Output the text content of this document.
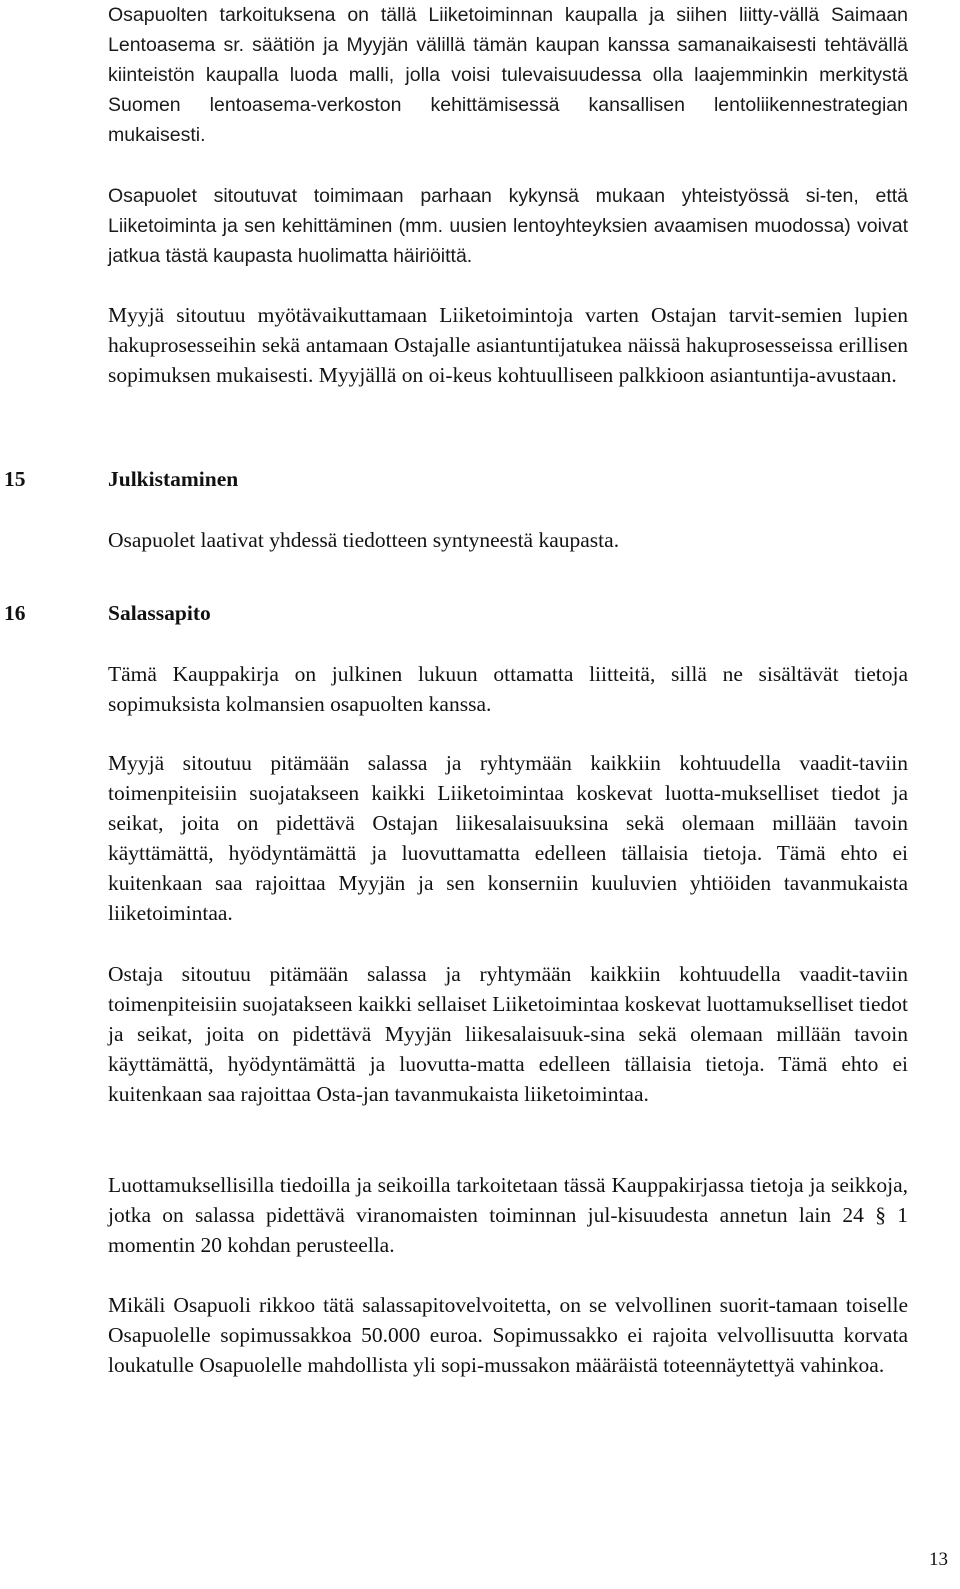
Osapuolten tarkoituksena on tällä Liiketoiminnan kaupalla ja siihen liitty-vällä Saimaan Lentoasema sr. säätiön ja Myyjän välillä tämän kaupan kanssa samanaikaisesti tehtävällä kiinteistön kaupalla luoda malli, jolla voisi tulevaisuudessa olla laajemminkin merkitystä Suomen lentoasema-verkoston kehittämisessä kansallisen lentoliikennestrategian mukaisesti.

Osapuolet sitoutuvat toimimaan parhaan kykynsä mukaan yhteistyössä si-ten, että Liiketoiminta ja sen kehittäminen (mm. uusien lentoyhteyksien avaamisen muodossa) voivat jatkua tästä kaupasta huolimatta häiriöittä.

Myyjä sitoutuu myötävaikuttamaan Liiketoimintoja varten Ostajan tarvit-semien lupien hakuprosesseihin sekä antamaan Ostajalle asiantuntijatukea näissä hakuprosesseissa erillisen sopimuksen mukaisesti. Myyjällä on oi-keus kohtuulliseen palkkioon asiantuntija-avustaan.

15	Julkistaminen

Osapuolet laativat yhdessä tiedotteen syntyneestä kaupasta.

16	Salassapito

Tämä Kauppakirja on julkinen lukuun ottamatta liitteitä, sillä ne sisältävät tietoja sopimuksista kolmansien osapuolten kanssa.

Myyjä sitoutuu pitämään salassa ja ryhtymään kaikkiin kohtuudella vaadit-taviin toimenpiteisiin suojatakseen kaikki Liiketoimintaa koskevat luotta-mukselliset tiedot ja seikat, joita on pidettävä Ostajan liikesalaisuuksina sekä olemaan millään tavoin käyttämättä, hyödyntämättä ja luovuttamatta edelleen tällaisia tietoja. Tämä ehto ei kuitenkaan saa rajoittaa Myyjän ja sen konserniin kuuluvien yhtiöiden tavanmukaista liiketoimintaa.

Ostaja sitoutuu pitämään salassa ja ryhtymään kaikkiin kohtuudella vaadit-taviin toimenpiteisiin suojatakseen kaikki sellaiset Liiketoimintaa koskevat luottamukselliset tiedot ja seikat, joita on pidettävä Myyjän liikesalaisuuk-sina sekä olemaan millään tavoin käyttämättä, hyödyntämättä ja luovutta-matta edelleen tällaisia tietoja. Tämä ehto ei kuitenkaan saa rajoittaa Osta-jan tavanmukaista liiketoimintaa.

Luottamuksellisilla tiedoilla ja seikoilla tarkoitetaan tässä Kauppakirjassa tietoja ja seikkoja, jotka on salassa pidettävä viranomaisten toiminnan jul-kisuudesta annetun lain 24 § 1 momentin 20 kohdan perusteella.

Mikäli Osapuoli rikkoo tätä salassapitovelvoitetta, on se velvollinen suorit-tamaan toiselle Osapuolelle sopimussakkoa 50.000 euroa. Sopimussakko ei rajoita velvollisuutta korvata loukatulle Osapuolelle mahdollista yli sopi-mussakon määräistä toteennäytettyä vahinkoa.

13
